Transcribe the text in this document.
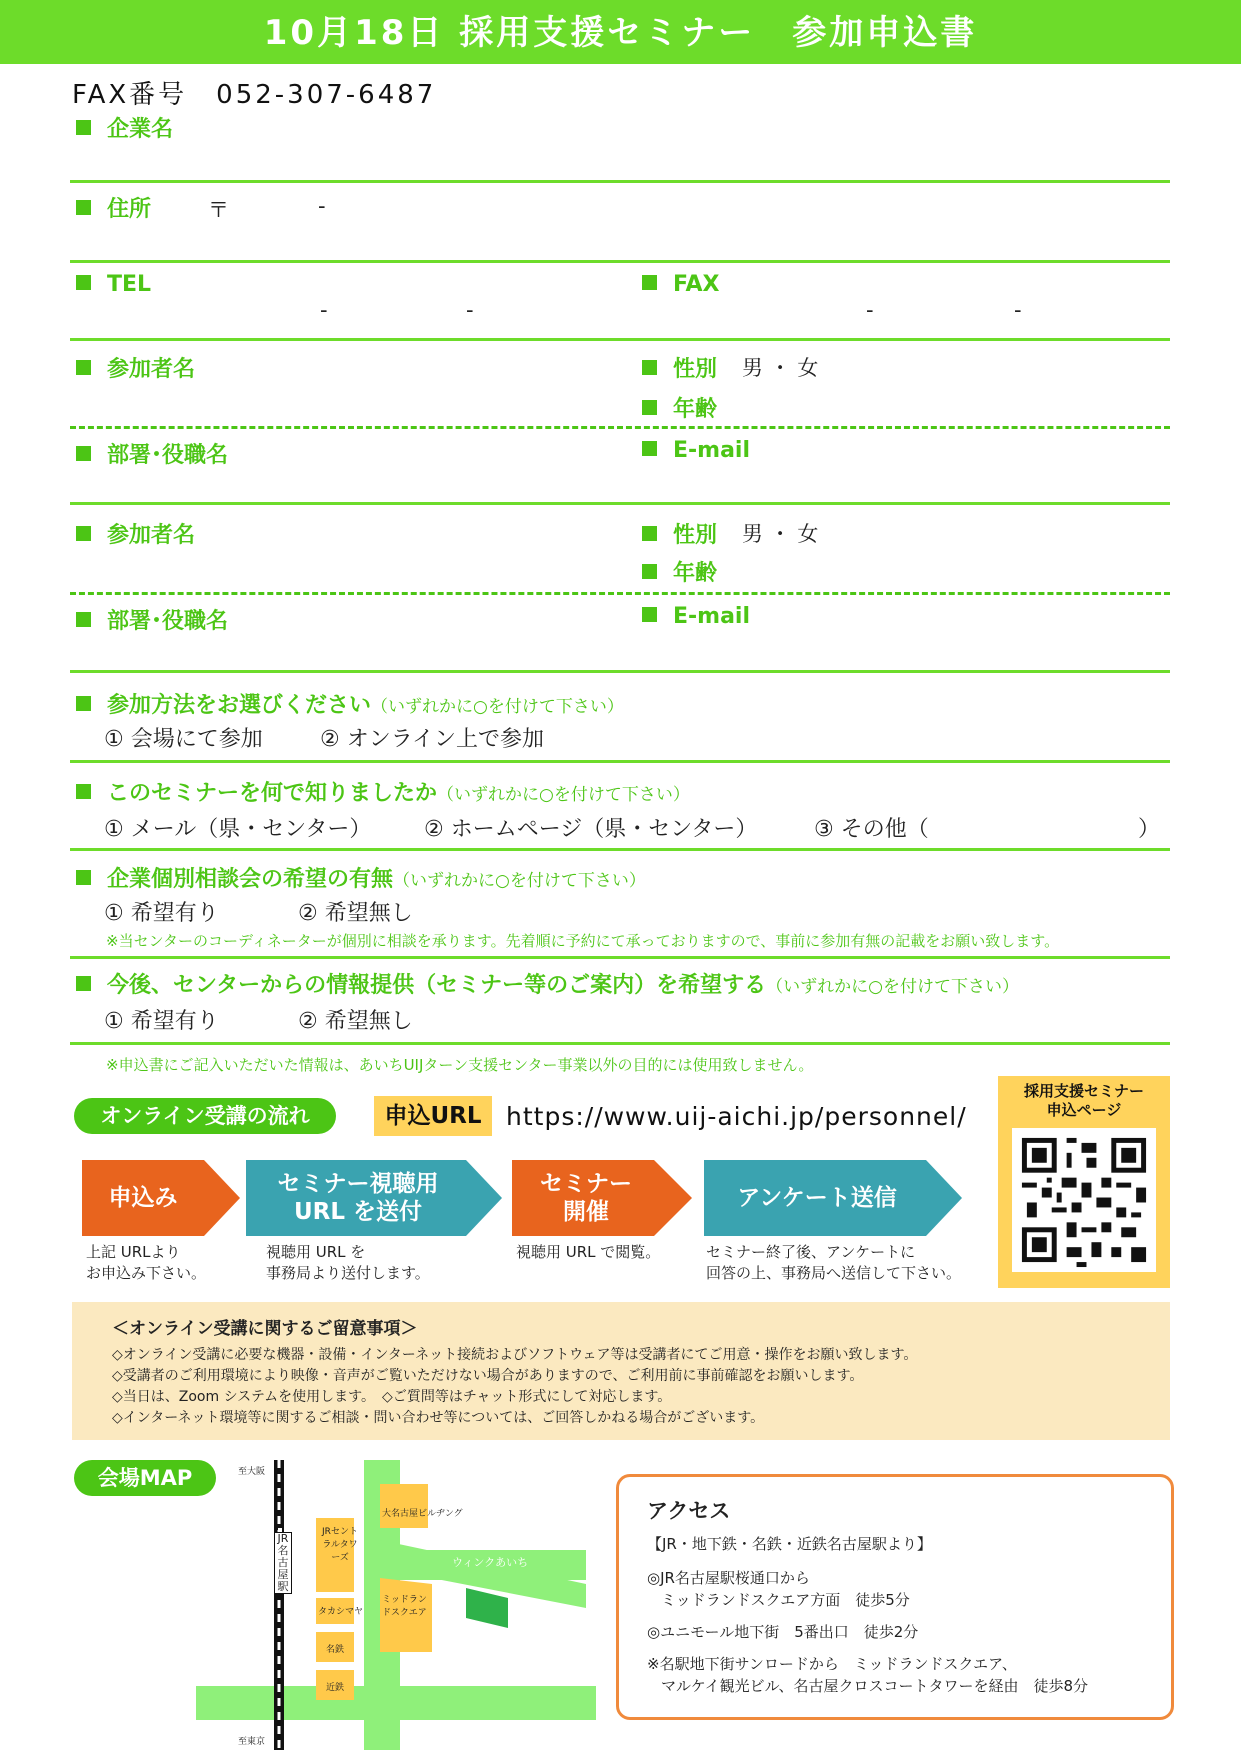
10月18日 採用支援セミナー　参加申込書
FAX番号　052-307-6487
企業名
住所	〒	-
TEL
-	-
FAX
-	-
参加者名	性別 男 ・ 女
年齢
部署･役職名	E-mail
参加者名	性別 男 ・ 女
年齢
部署･役職名	E-mail
参加方法をお選びください（いずれかに○を付けて下さい）
① 会場にて参加	② オンライン上で参加
このセミナーを何で知りましたか（いずれかに○を付けて下さい）
① メール（県・センター） ② ホームページ（県・センター）	③ その他（	）
企業個別相談会の希望の有無（いずれかに○を付けて下さい）
① 希望有り	② 希望無し
※当センターのコーディネーターが個別に相談を承ります。先着順に予約にて承っておりますので、事前に参加有無の記載をお願い致します。
今後、センターからの情報提供（セミナー等のご案内）を希望する（いずれかに○を付けて下さい）
① 希望有り	② 希望無し
※申込書にご記入いただいた情報は、あいちUIJターン支援センター事業以外の目的には使用致しません。
オンライン受講の流れ	申込URL https://www.uij-aichi.jp/personnel/
申込み
セミナー視聴用
URL を送付
セミナー
開催
アンケート送信
上記 URLより
お申込み下さい。
視聴用 URL を
事務局より送付します。
視聴用 URL で閲覧。	セミナー終了後、アンケートに
回答の上、事務局へ送信して下さい。
採用支援セミナー
申込ページ
＜オンライン受講に関するご留意事項＞
◇オンライン受講に必要な機器・設備・インターネット接続およびソフトウェア等は受講者にてご用意・操作をお願い致します。
◇受講者のご利用環境により映像・音声がご覧いただけない場合がありますので、ご利用前に事前確認をお願いします。
◇当日は、Zoom システムを使用します。　◇ご質問等はチャット形式にして対応します。
◇インターネット環境等に関するご相談・問い合わせ等については、ご回答しかねる場合がございます。
会場MAP	至大阪
至東京
JR名古屋駅
JRセントラルタワーズ
タカシマヤ
名鉄
近鉄
大名古屋ビルヂング
ミッドランドスクエア
ウィンクあいち
アクセス
【JR・地下鉄・名鉄・近鉄名古屋駅より】
◎JR名古屋駅桜通口から
ミッドランドスクエア方面　徒歩5分
◎ユニモール地下街　5番出口　徒歩2分
※名駅地下街サンロードから　ミッドランドスクエア、
マルケイ観光ビル、名古屋クロスコートタワーを経由　徒歩8分
